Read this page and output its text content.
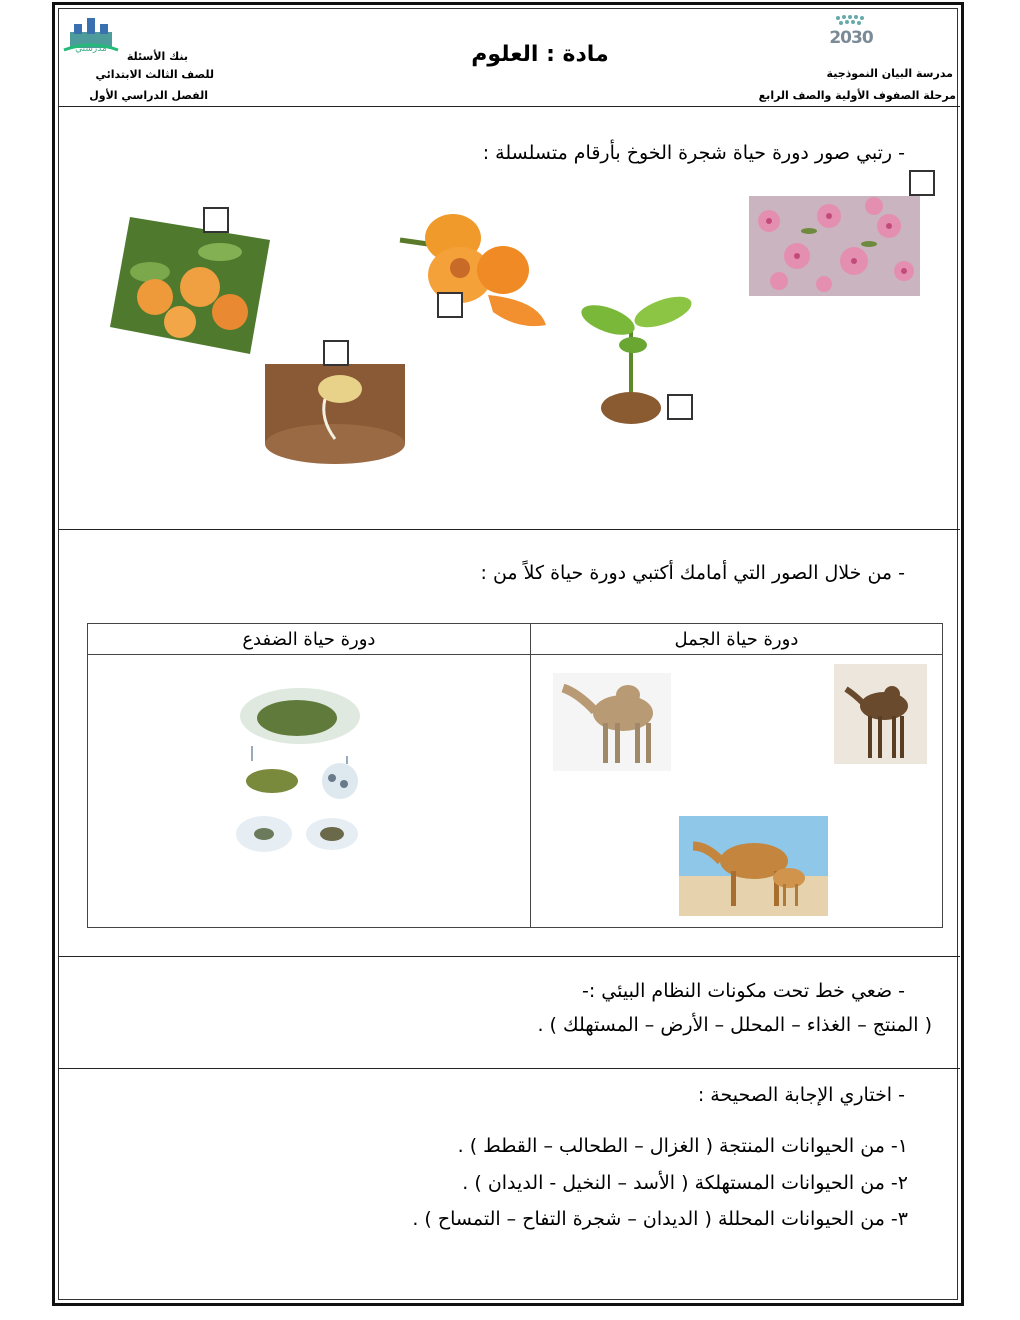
مدرستي
بنك الأسئلة
للصف الثالث الابتدائي
الفصل الدراسي الأول
مادة : العلوم
2030
مدرسة البيان النموذجية
مرحلة الصفوف الأولية والصف الرابع
- رتبي صور دورة حياة شجرة الخوخ بأرقام متسلسلة :
- من خلال الصور التي أمامك أكتبي دورة حياة كلاً من :
دورة حياة الضفدع	دورة حياة الجمل

- ضعي خط تحت مكونات النظام البيئي :-
( المنتج – الغذاء – المحلل – الأرض – المستهلك ) .
- اختاري الإجابة الصحيحة :
١- من الحيوانات المنتجة ( الغزال – الطحالب – القطط ) .
٢- من الحيوانات المستهلكة ( الأسد – النخيل - الديدان ) .
٣- من الحيوانات المحللة ( الديدان – شجرة التفاح – التمساح ) .
